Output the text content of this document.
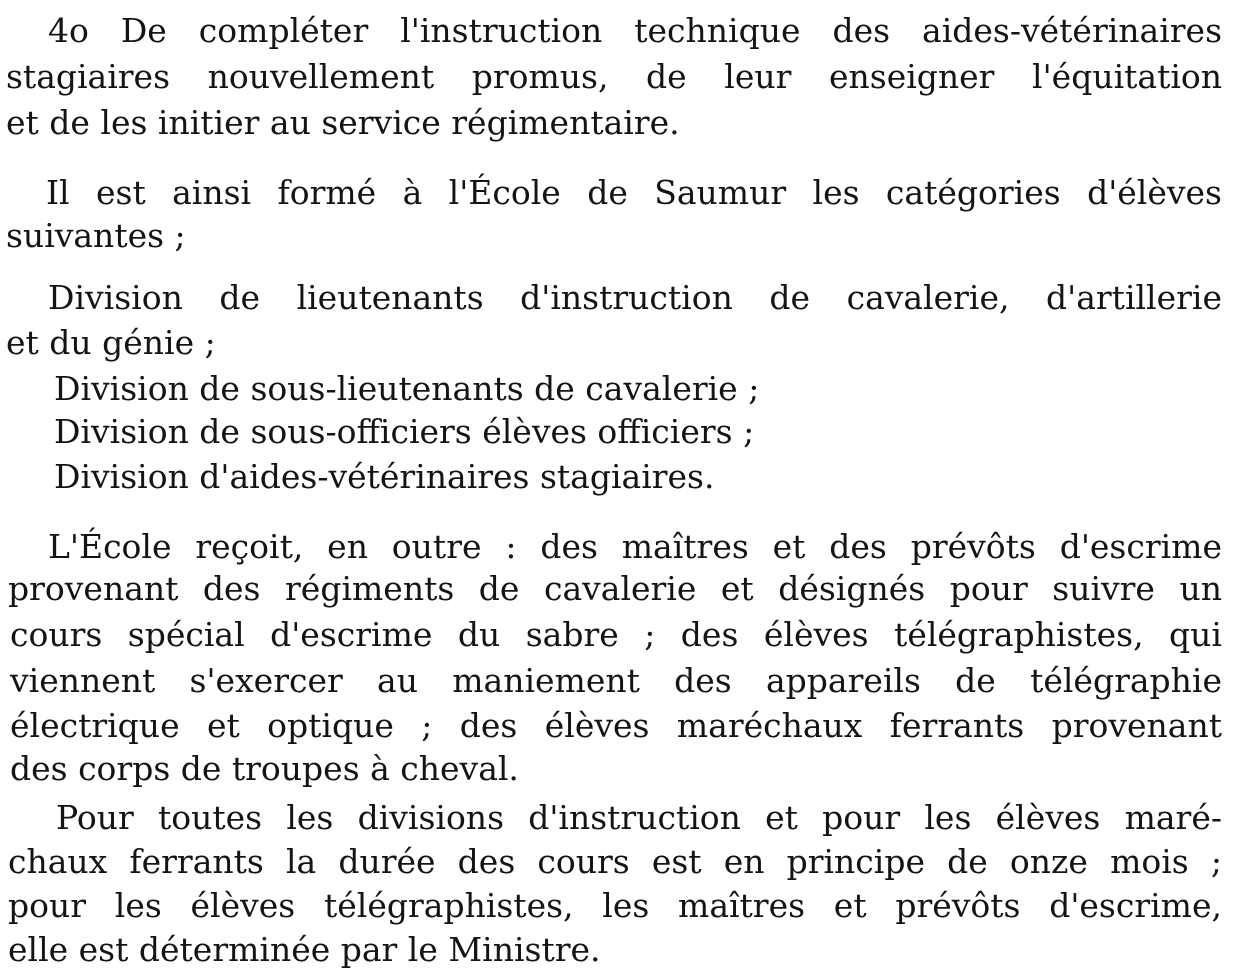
4o De compléter l'instruction technique des aides-vétérinaires
stagiaires nouvellement promus, de leur enseigner l'équitation
et de les initier au service régimentaire.
Il est ainsi formé à l'École de Saumur les catégories d'élèves
suivantes ;
Division de lieutenants d'instruction de cavalerie, d'artillerie
et du génie ;
Division de sous-lieutenants de cavalerie ;
Division de sous-officiers élèves officiers ;
Division d'aides-vétérinaires stagiaires.
L'École reçoit, en outre : des maîtres et des prévôts d'escrime
provenant des régiments de cavalerie et désignés pour suivre un
cours spécial d'escrime du sabre ; des élèves télégraphistes, qui
viennent s'exercer au maniement des appareils de télégraphie
électrique et optique ; des élèves maréchaux ferrants provenant
des corps de troupes à cheval.
Pour toutes les divisions d'instruction et pour les élèves maré-
chaux ferrants la durée des cours est en principe de onze mois ;
pour les élèves télégraphistes, les maîtres et prévôts d'escrime,
elle est déterminée par le Ministre.
